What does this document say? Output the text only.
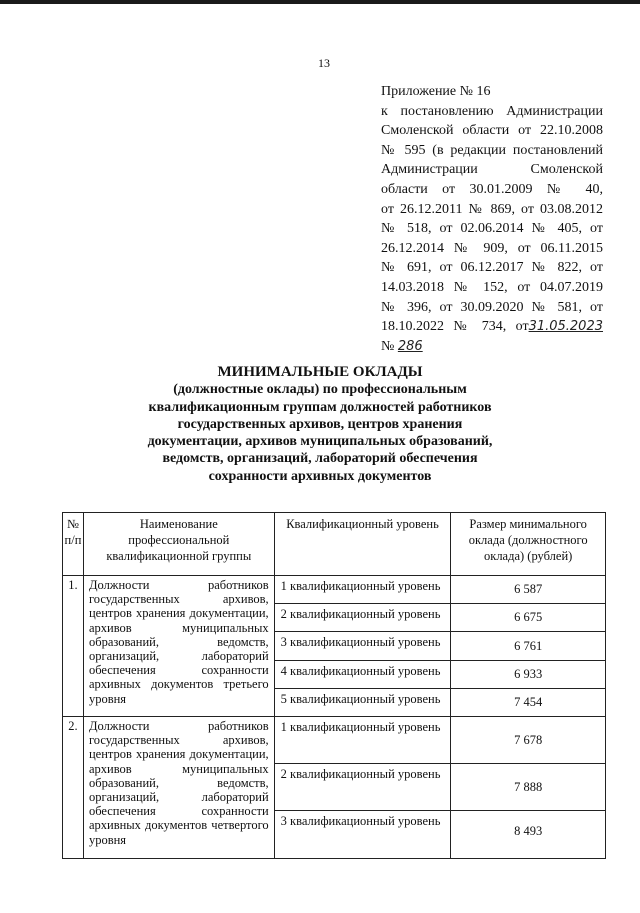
13
Приложение № 16
к постановлению Администрации
Смоленской области от 22.10.2008
№ 595 (в редакции постановлений
Администрации Смоленской
области от 30.01.2009 № 40,
от 26.12.2011 № 869, от 03.08.2012
№ 518, от 02.06.2014 № 405, от
26.12.2014 № 909, от 06.11.2015
№ 691, от 06.12.2017 № 822, от
14.03.2018 № 152, от 04.07.2019
№ 396, от 30.09.2020 № 581, от
18.10.2022 № 734, от31.05.2023
№ 286
МИНИМАЛЬНЫЕ ОКЛАДЫ
(должностные оклады) по профессиональным
квалификационным группам должностей работников
государственных архивов, центров хранения
документации, архивов муниципальных образований,
ведомств, организаций, лабораторий обеспечения
сохранности архивных документов
№ п/п	Наименование профессиональной квалификационной группы	Квалификационный уровень	Размер минимального оклада (должностного оклада) (рублей)
1.	Должности работников государственных архивов, центров хранения документации, архивов муниципальных образований, ведомств, организаций, лабораторий обеспечения сохранности архивных документов третьего уровня	1 квалификационный уровень	6 587
		2 квалификационный уровень	6 675
		3 квалификационный уровень	6 761
		4 квалификационный уровень	6 933
		5 квалификационный уровень	7 454
2.	Должности работников государственных архивов, центров хранения документации, архивов муниципальных образований, ведомств, организаций, лабораторий обеспечения сохранности архивных документов четвертого уровня	1 квалификационный уровень	7 678
		2 квалификационный уровень	7 888
		3 квалификационный уровень	8 493
